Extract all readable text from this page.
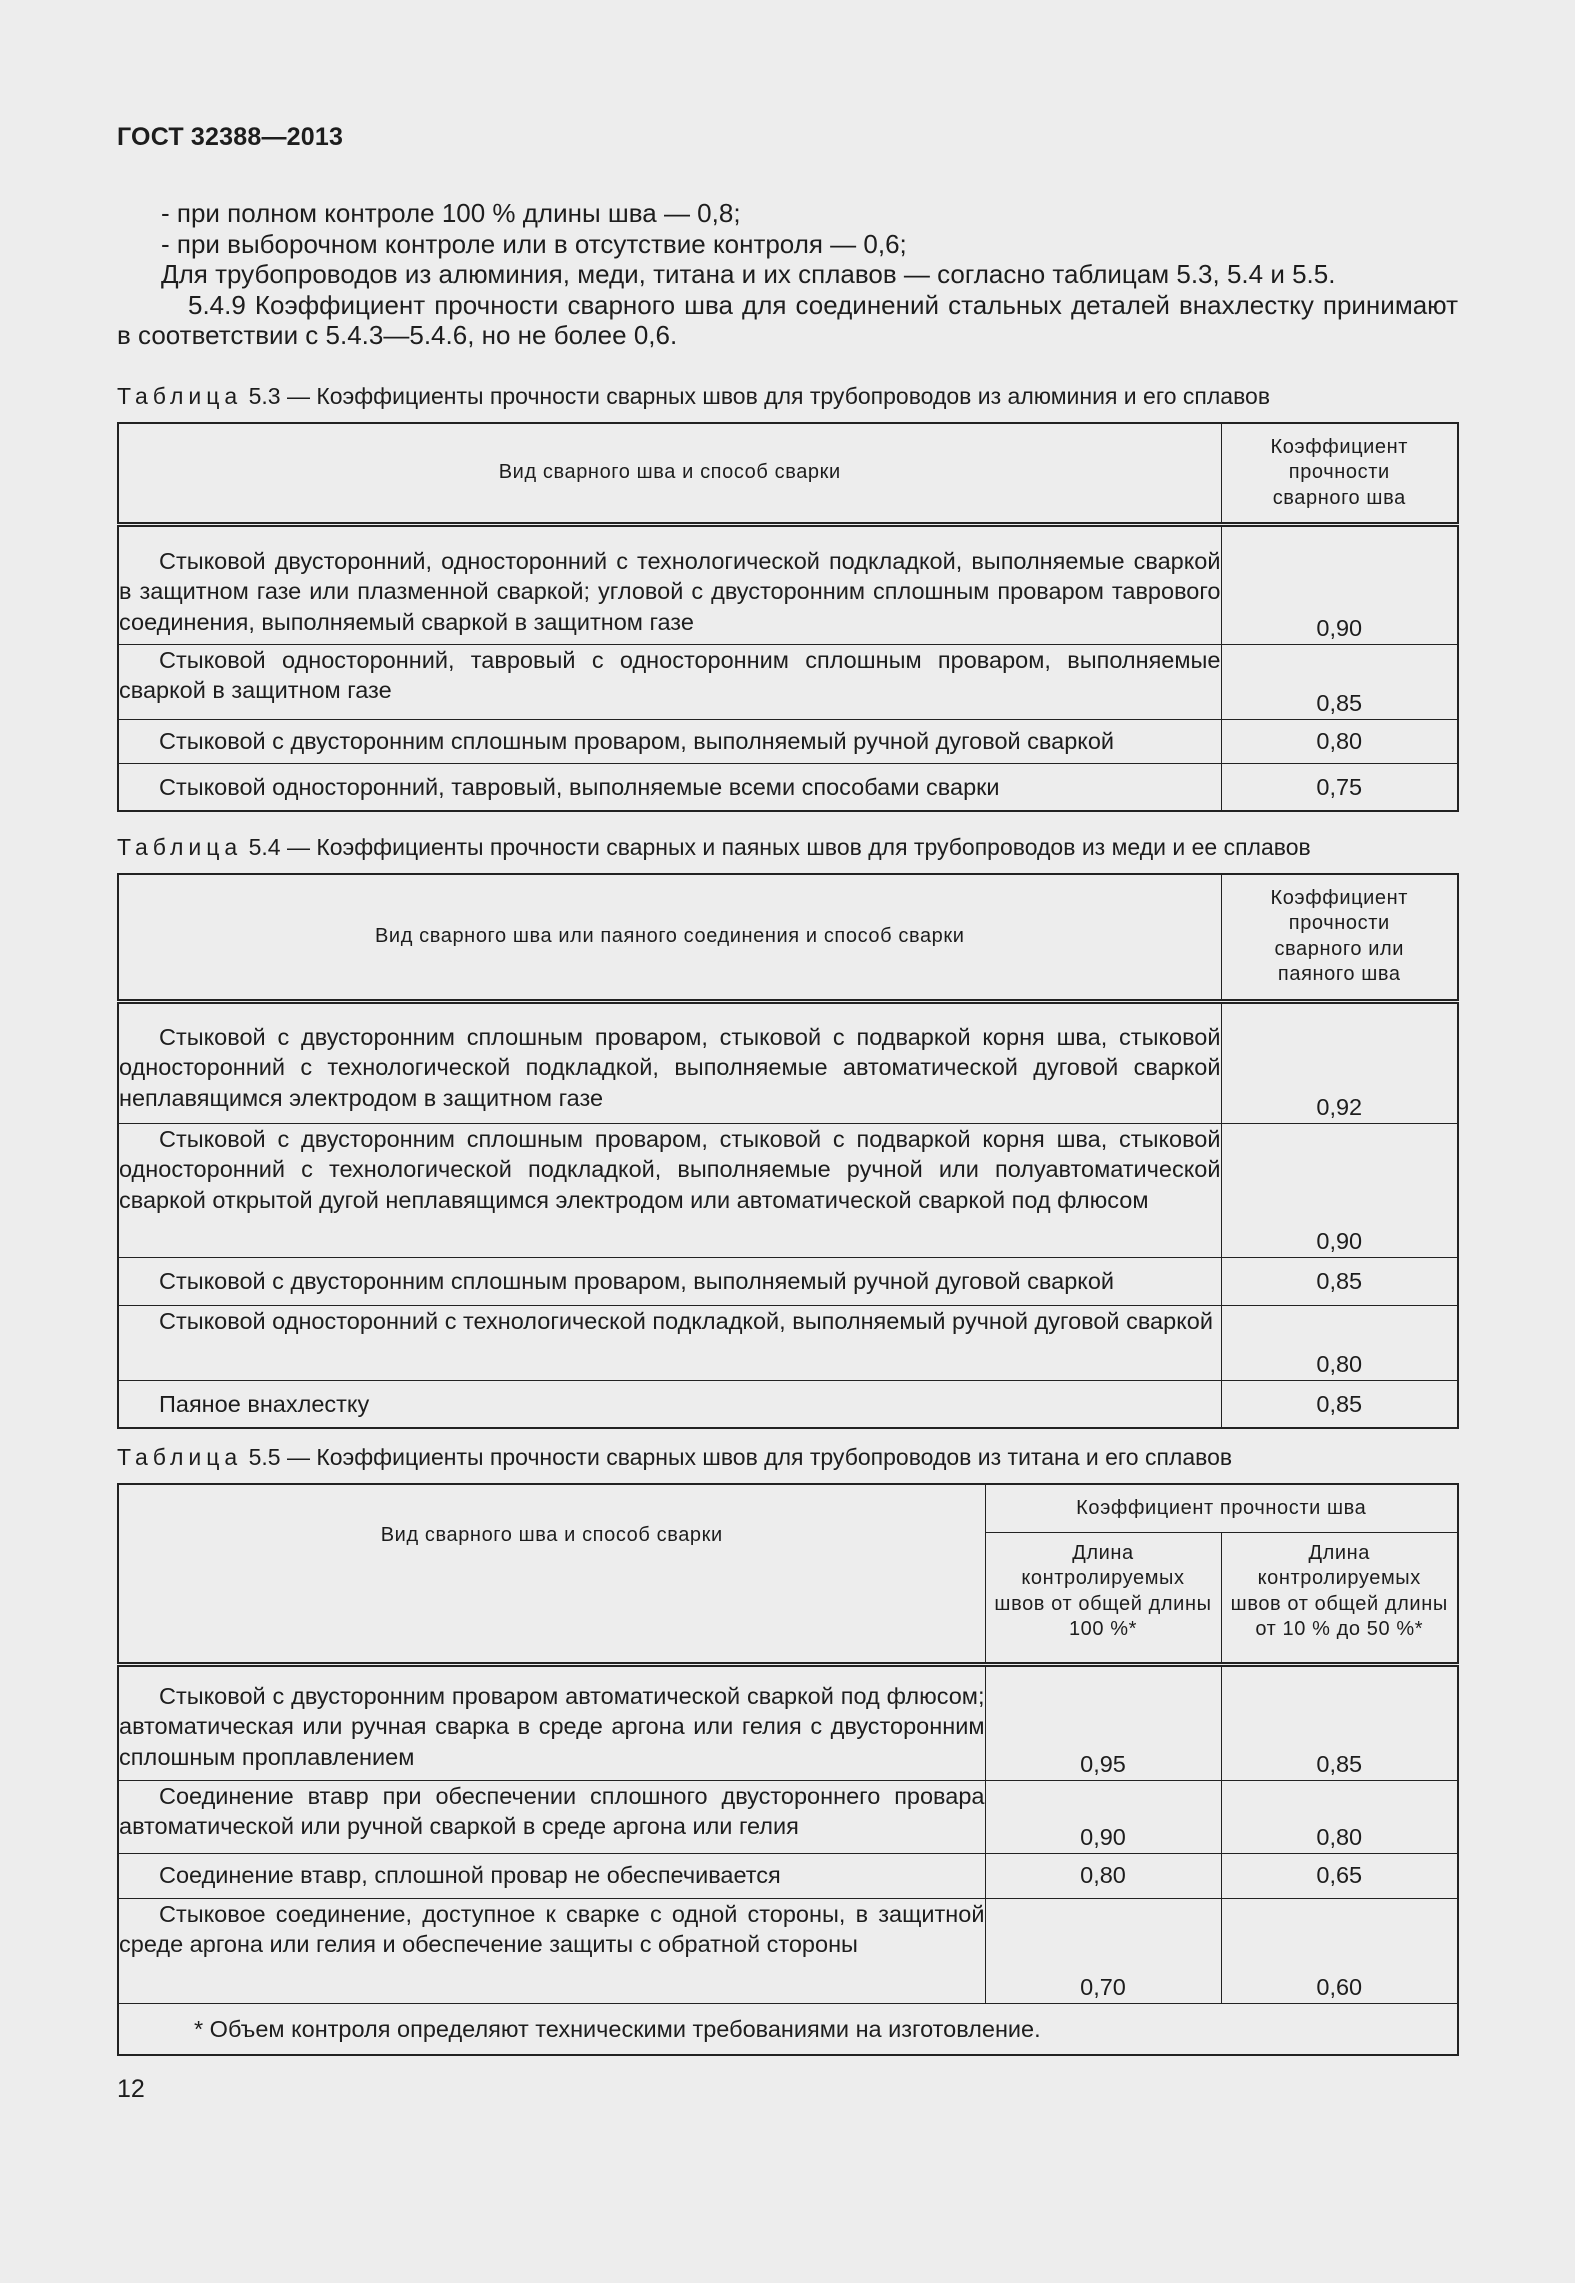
ГОСТ 32388—2013

- при полном контроле 100 % длины шва — 0,8;

- при выборочном контроле или в отсутствие контроля — 0,6;

Для трубопроводов из алюминия, меди, титана и их сплавов — согласно таблицам 5.3, 5.4 и 5.5.

5.4.9 Коэффициент прочности сварного шва для соединений стальных деталей внахлестку принимают в соответствии с 5.4.3—5.4.6, но не более 0,6.

Таблица 5.3 — Коэффициенты прочности сварных швов для трубопроводов из алюминия и его сплавов
Вид сварного шва и способ сварки	Коэффициент прочности сварного шва

Стыковой двусторонний, односторонний с технологической подкладкой, выполняемые сваркой в защитном газе или плазменной сваркой; угловой с двусторонним сплошным проваром таврового соединения, выполняемый сваркой в защитном газе	0,90

Стыковой односторонний, тавровый с односторонним сплошным проваром, выполняемые сваркой в защитном газе	0,85

Стыковой с двусторонним сплошным проваром, выполняемый ручной дуговой сваркой	0,80

Стыковой односторонний, тавровый, выполняемые всеми способами сварки	0,75
Таблица 5.4 — Коэффициенты прочности сварных и паяных швов для трубопроводов из меди и ее сплавов
Вид сварного шва или паяного соединения и способ сварки	Коэффициент прочности сварного или паяного шва

Стыковой с двусторонним сплошным проваром, стыковой с подваркой корня шва, стыковой односторонний с технологической подкладкой, выполняемые автоматической дуговой сваркой неплавящимся электродом в защитном газе	0,92

Стыковой с двусторонним сплошным проваром, стыковой с подваркой корня шва, стыковой односторонний с технологической подкладкой, выполняемые ручной или полуавтоматической сваркой открытой дугой неплавящимся электродом или автоматической сваркой под флюсом	0,90

Стыковой с двусторонним сплошным проваром, выполняемый ручной дуговой сваркой	0,85

Стыковой односторонний с технологической подкладкой, выполняемый ручной дуговой сваркой	0,80

Паяное внахлестку	0,85
Таблица 5.5 — Коэффициенты прочности сварных швов для трубопроводов из титана и его сплавов
Вид сварного шва и способ сварки	Коэффициент прочности шва	
	Длина контролируемых швов от общей длины 100 %*	Длина контролируемых швов от общей длины от 10 % до 50 %*

Стыковой с двусторонним проваром автоматической сваркой под флюсом; автоматическая или ручная сварка в среде аргона или гелия с двусторонним сплошным проплавлением	0,95	0,85

Соединение втавр при обеспечении сплошного двустороннего провара автоматической или ручной сваркой в среде аргона или гелия	0,90	0,80

Соединение втавр, сплошной провар не обеспечивается	0,80	0,65

Стыковое соединение, доступное к сварке с одной стороны, в защитной среде аргона или гелия и обеспечение защиты с обратной стороны	0,70	0,60
* Объем контроля определяют техническими требованиями на изготовление.		
12
